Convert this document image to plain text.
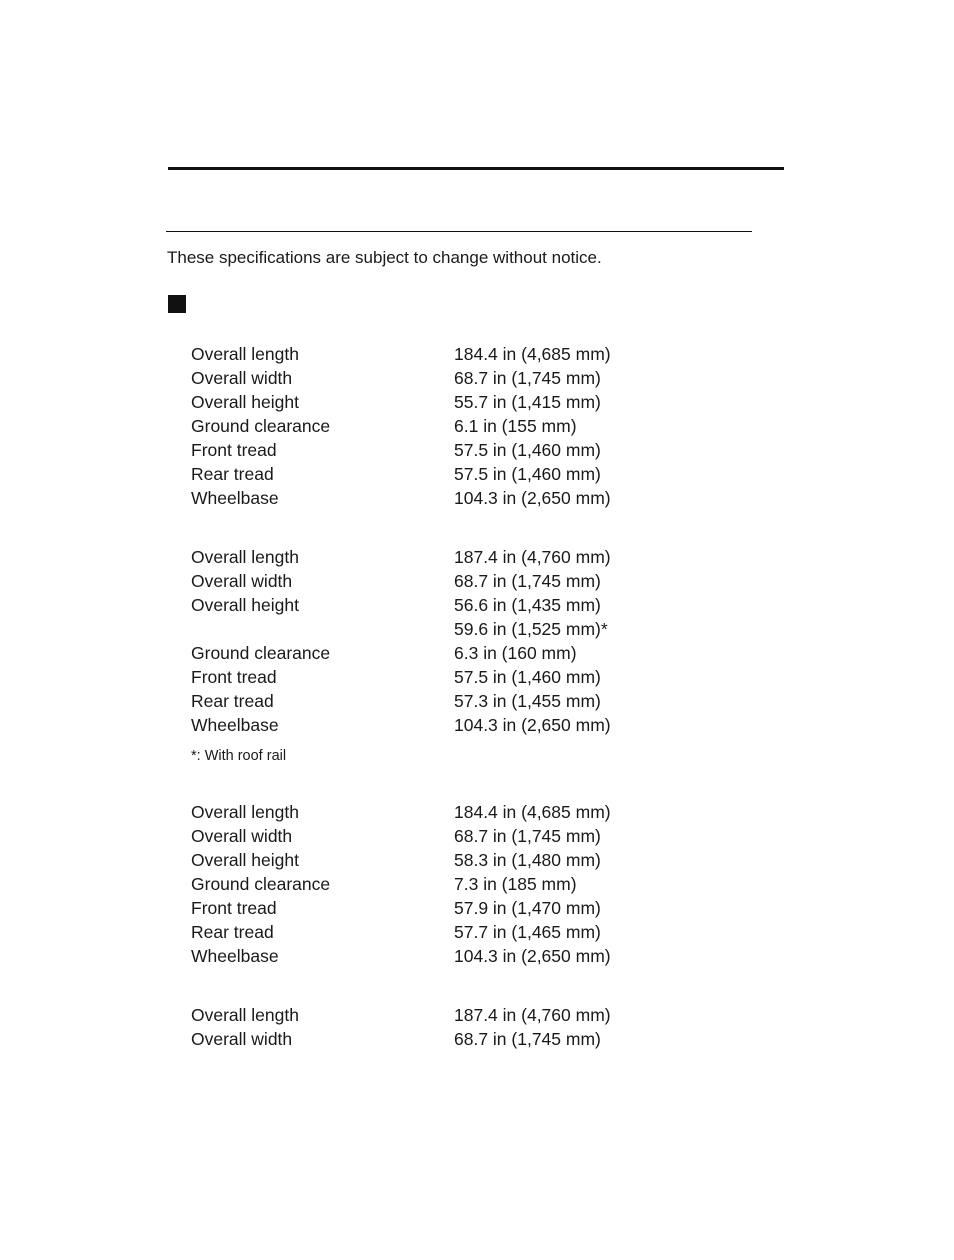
These specifications are subject to change without notice.
Overall length	184.4 in (4,685 mm)
Overall width	68.7 in (1,745 mm)
Overall height	55.7 in (1,415 mm)
Ground clearance	6.1 in (155 mm)
Front tread	57.5 in (1,460 mm)
Rear tread	57.5 in (1,460 mm)
Wheelbase	104.3 in (2,650 mm)
Overall length	187.4 in (4,760 mm)
Overall width	68.7 in (1,745 mm)
Overall height	56.6 in (1,435 mm)
59.6 in (1,525 mm)*
Ground clearance	6.3 in (160 mm)
Front tread	57.5 in (1,460 mm)
Rear tread	57.3 in (1,455 mm)
Wheelbase	104.3 in (2,650 mm)
*: With roof rail
Overall length	184.4 in (4,685 mm)
Overall width	68.7 in (1,745 mm)
Overall height	58.3 in (1,480 mm)
Ground clearance	7.3 in (185 mm)
Front tread	57.9 in (1,470 mm)
Rear tread	57.7 in (1,465 mm)
Wheelbase	104.3 in (2,650 mm)
Overall length	187.4 in (4,760 mm)
Overall width	68.7 in (1,745 mm)
